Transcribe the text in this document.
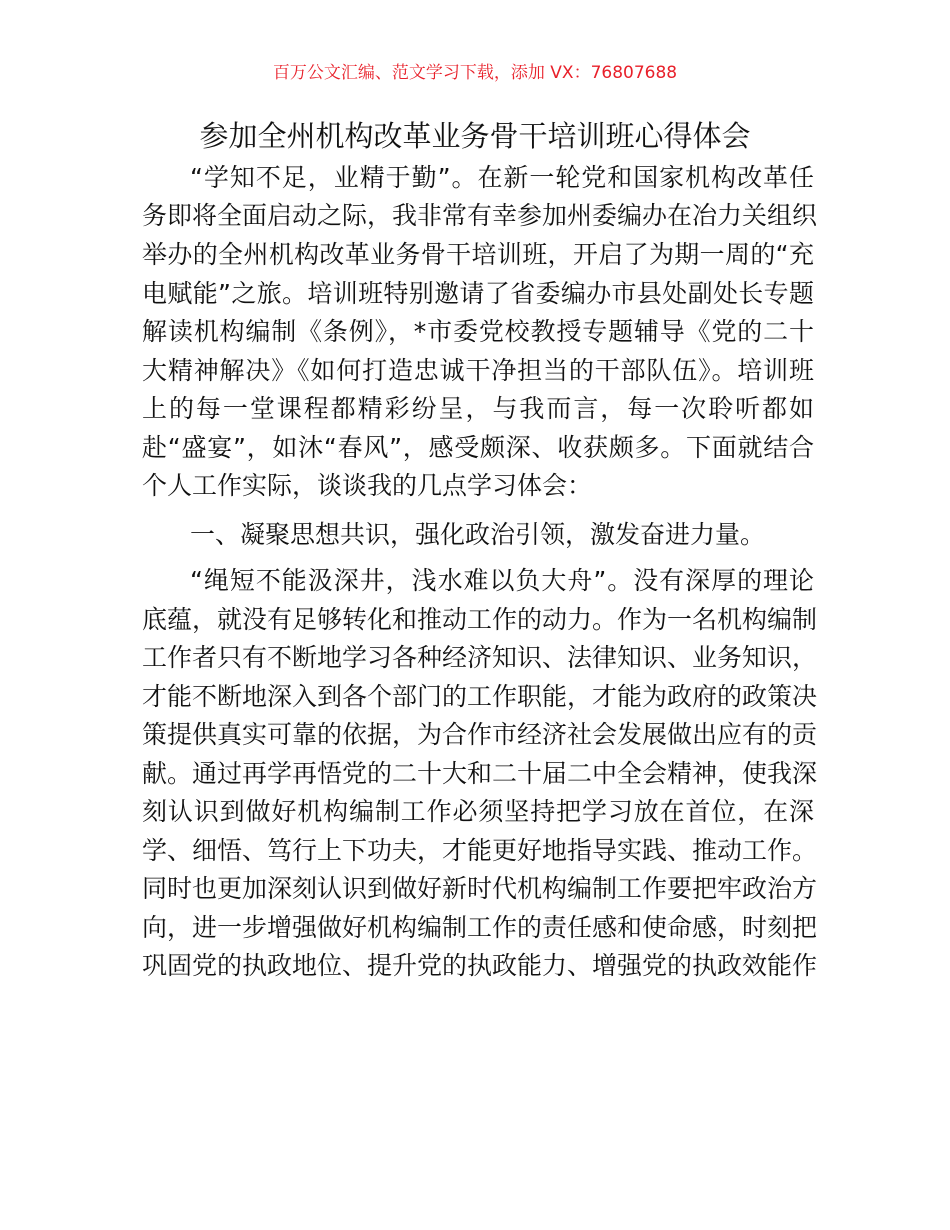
百万公文汇编、范文学习下载，添加 VX：76807688
参加全州机构改革业务骨干培训班心得体会
“学知不足，业精于勤”。在新一轮党和国家机构改革任
务即将全面启动之际，我非常有幸参加州委编办在冶力关组织
举办的全州机构改革业务骨干培训班，开启了为期一周的“充
电赋能”之旅。培训班特别邀请了省委编办市县处副处长专题
解读机构编制《条例》，*市委党校教授专题辅导《党的二十
大精神解决》《如何打造忠诚干净担当的干部队伍》。培训班
上的每一堂课程都精彩纷呈，与我而言，每一次聆听都如
赴“盛宴”，如沐“春风”，感受颇深、收获颇多。下面就结合
个人工作实际，谈谈我的几点学习体会：
一、凝聚思想共识，强化政治引领，激发奋进力量。
“绳短不能汲深井，浅水难以负大舟”。没有深厚的理论
底蕴，就没有足够转化和推动工作的动力。作为一名机构编制
工作者只有不断地学习各种经济知识、法律知识、业务知识，
才能不断地深入到各个部门的工作职能，才能为政府的政策决
策提供真实可靠的依据，为合作市经济社会发展做出应有的贡
献。通过再学再悟党的二十大和二十届二中全会精神，使我深
刻认识到做好机构编制工作必须坚持把学习放在首位，在深
学、细悟、笃行上下功夫，才能更好地指导实践、推动工作。
同时也更加深刻认识到做好新时代机构编制工作要把牢政治方
向，进一步增强做好机构编制工作的责任感和使命感，时刻把
巩固党的执政地位、提升党的执政能力、增强党的执政效能作
